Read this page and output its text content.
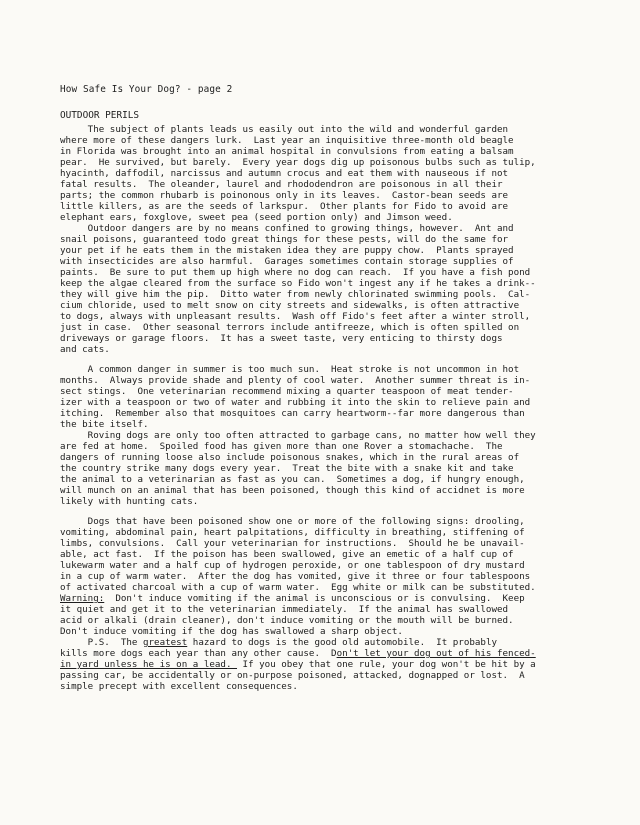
How Safe Is Your Dog? - page 2
OUTDOOR PERILS
The subject of plants leads us easily out into the wild and wonderful garden
where more of these dangers lurk.  Last year an inquisitive three-month old beagle
in Florida was brought into an animal hospital in convulsions from eating a balsam
pear.  He survived, but barely.  Every year dogs dig up poisonous bulbs such as tulip,
hyacinth, daffodil, narcissus and autumn crocus and eat them with nauseous if not
fatal results.  The oleander, laurel and rhododendron are poisonous in all their
parts; the common rhubarb is poinonous only in its leaves.  Castor-bean seeds are
little killers, as are the seeds of larkspur.  Other plants for Fido to avoid are
elephant ears, foxglove, sweet pea (seed portion only) and Jimson weed.
Outdoor dangers are by no means confined to growing things, however.  Ant and
snail poisons, guaranteed todo great things for these pests, will do the same for
your pet if he eats them in the mistaken idea they are puppy chow.  Plants sprayed
with insecticides are also harmful.  Garages sometimes contain storage supplies of
paints.  Be sure to put them up high where no dog can reach.  If you have a fish pond
keep the algae cleared from the surface so Fido won't ingest any if he takes a drink--
they will give him the pip.  Ditto water from newly chlorinated swimming pools.  Cal-
cium chloride, used to melt snow on city streets and sidewalks, is often attractive
to dogs, always with unpleasant results.  Wash off Fido's feet after a winter stroll,
just in case.  Other seasonal terrors include antifreeze, which is often spilled on
driveways or garage floors.  It has a sweet taste, very enticing to thirsty dogs
and cats.
A common danger in summer is too much sun.  Heat stroke is not uncommon in hot
months.  Always provide shade and plenty of cool water.  Another summer threat is in-
sect stings.  One veterinarian recommend mixing a quarter teaspoon of meat tender-
izer with a teaspoon or two of water and rubbing it into the skin to relieve pain and
itching.  Remember also that mosquitoes can carry heartworm--far more dangerous than
the bite itself.
Roving dogs are only too often attracted to garbage cans, no matter how well they
are fed at home.  Spoiled food has given more than one Rover a stomachache.  The
dangers of running loose also include poisonous snakes, which in the rural areas of
the country strike many dogs every year.  Treat the bite with a snake kit and take
the animal to a veterinarian as fast as you can.  Sometimes a dog, if hungry enough,
will munch on an animal that has been poisoned, though this kind of accidnet is more
likely with hunting cats.
Dogs that have been poisoned show one or more of the following signs: drooling,
vomiting, abdominal pain, heart palpitations, difficulty in breathing, stiffening of
limbs, convulsions.  Call your veterinarian for instructions.  Should he be unavail-
able, act fast.  If the poison has been swallowed, give an emetic of a half cup of
lukewarm water and a half cup of hydrogen peroxide, or one tablespoon of dry mustard
in a cup of warm water.  After the dog has vomited, give it three or four tablespoons
of activated charcoal with a cup of warm water.  Egg white or milk can be substituted.
Warning:  Don't induce vomiting if the animal is unconscious or is convulsing.  Keep
it quiet and get it to the veterinarian immediately.  If the animal has swallowed
acid or alkali (drain cleaner), don't induce vomiting or the mouth will be burned.
Don't induce vomiting if the dog has swallowed a sharp object.
P.S.  The greatest hazard to dogs is the good old automobile.  It probably
kills more dogs each year than any other cause.  Don't let your dog out of his fenced-
in yard unless he is on a lead.  If you obey that one rule, your dog won't be hit by a
passing car, be accidentally or on-purpose poisoned, attacked, dognapped or lost.  A
simple precept with excellent consequences.
